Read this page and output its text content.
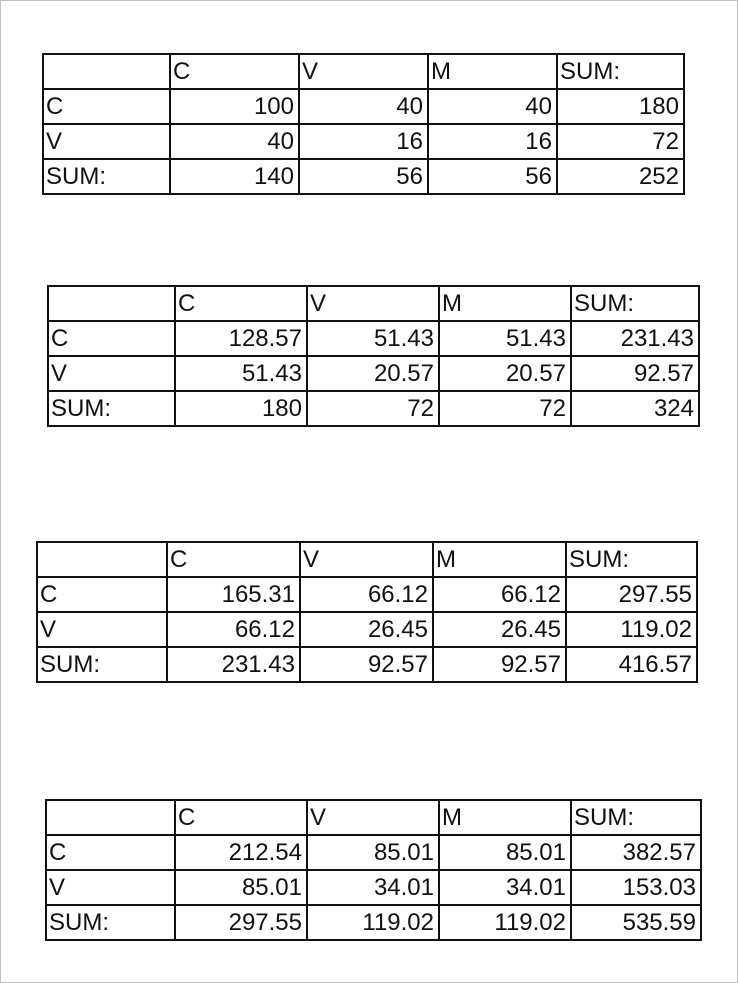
	C	V	M	SUM:
C	100	40	40	180
V	40	16	16	72
SUM:	140	56	56	252
	C	V	M	SUM:
C	128.57	51.43	51.43	231.43
V	51.43	20.57	20.57	92.57
SUM:	180	72	72	324
	C	V	M	SUM:
C	165.31	66.12	66.12	297.55
V	66.12	26.45	26.45	119.02
SUM:	231.43	92.57	92.57	416.57
	C	V	M	SUM:
C	212.54	85.01	85.01	382.57
V	85.01	34.01	34.01	153.03
SUM:	297.55	119.02	119.02	535.59
